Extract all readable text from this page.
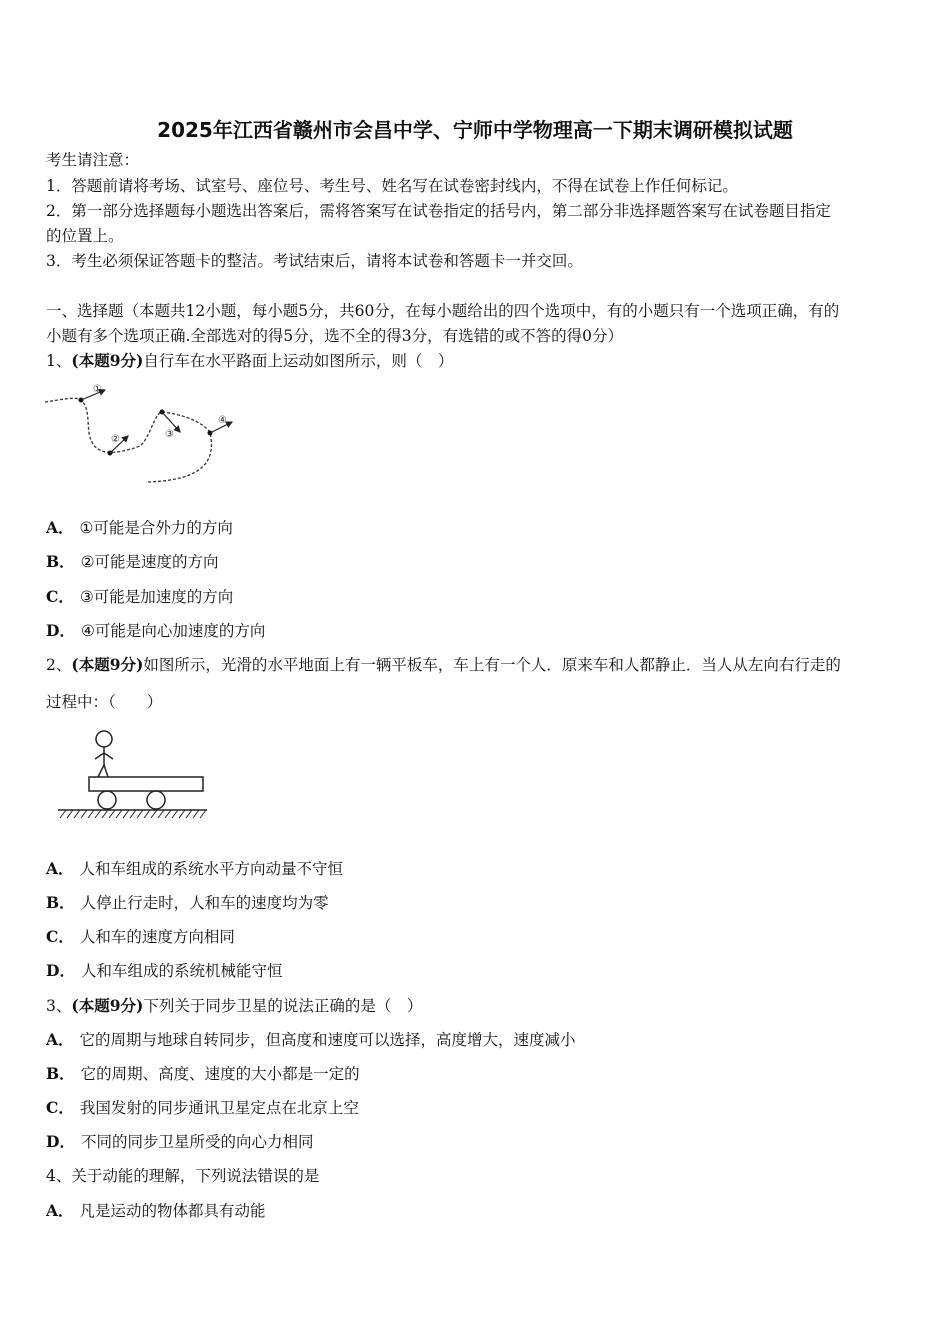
2025年江西省赣州市会昌中学、宁师中学物理高一下期末调研模拟试题
考生请注意：
1．答题前请将考场、试室号、座位号、考生号、姓名写在试卷密封线内，不得在试卷上作任何标记。
2．第一部分选择题每小题选出答案后，需将答案写在试卷指定的括号内，第二部分非选择题答案写在试卷题目指定
的位置上。
3．考生必须保证答题卡的整洁。考试结束后，请将本试卷和答题卡一并交回。
一、选择题（本题共12小题，每小题5分，共60分，在每小题给出的四个选项中，有的小题只有一个选项正确，有的
小题有多个选项正确.全部选对的得5分，选不全的得3分，有选错的或不答的得0分）
1、(本题9分)自行车在水平路面上运动如图所示，则（　）
①
②	③
④
A． ①可能是合外力的方向
B． ②可能是速度的方向
C． ③可能是加速度的方向
D． ④可能是向心加速度的方向
2、(本题9分)如图所示，光滑的水平地面上有一辆平板车，车上有一个人．原来车和人都静止．当人从左向右行走的
过程中：（　　）
A． 人和车组成的系统水平方向动量不守恒
B． 人停止行走时，人和车的速度均为零
C． 人和车的速度方向相同
D． 人和车组成的系统机械能守恒
3、(本题9分)下列关于同步卫星的说法正确的是（　）
A． 它的周期与地球自转同步，但高度和速度可以选择，高度增大，速度减小
B． 它的周期、高度、速度的大小都是一定的
C． 我国发射的同步通讯卫星定点在北京上空
D． 不同的同步卫星所受的向心力相同
4、关于动能的理解，下列说法错误的是
A． 凡是运动的物体都具有动能
